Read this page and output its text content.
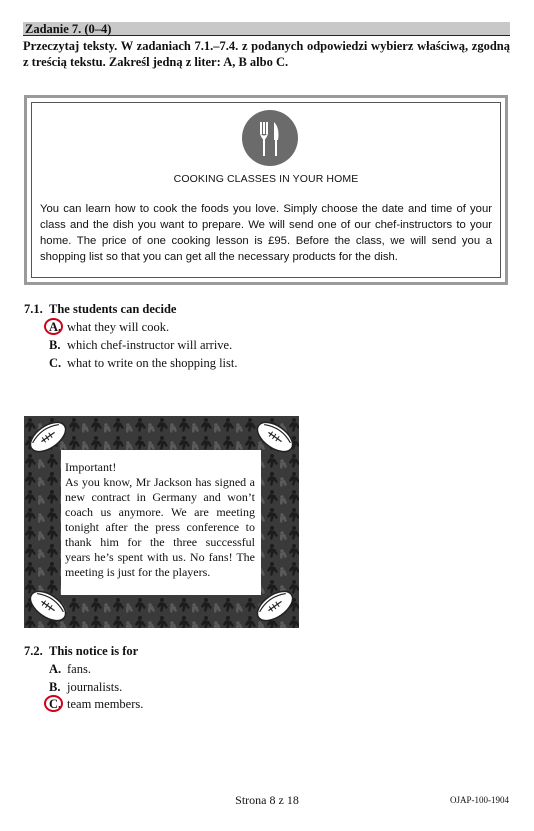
Zadanie 7. (0–4)
Przeczytaj teksty. W zadaniach 7.1.–7.4. z podanych odpowiedzi wybierz właściwą, zgodną z treścią tekstu. Zakreśl jedną z liter: A, B albo C.
COOKING CLASSES IN YOUR HOME
You can learn how to cook the foods you love. Simply choose the date and time of your class and the dish you want to prepare. We will send one of our chef-instructors to your home. The price of one cooking lesson is £95. Before the class, we will send you a shopping list so that you can get all the necessary products for the dish.
7.1.  The students can decide
A. what they will cook.
B. which chef-instructor will arrive.
C. what to write on the shopping list.
Important!
As you know, Mr Jackson has signed a new contract in Germany and won’t coach us anymore. We are meeting tonight after the press conference to thank him for the three successful years he’s spent with us. No fans! The meeting is just for the players.
7.2.  This notice is for
A. fans.
B. journalists.
C. team members.
Strona 8 z 18	OJAP-100-1904
